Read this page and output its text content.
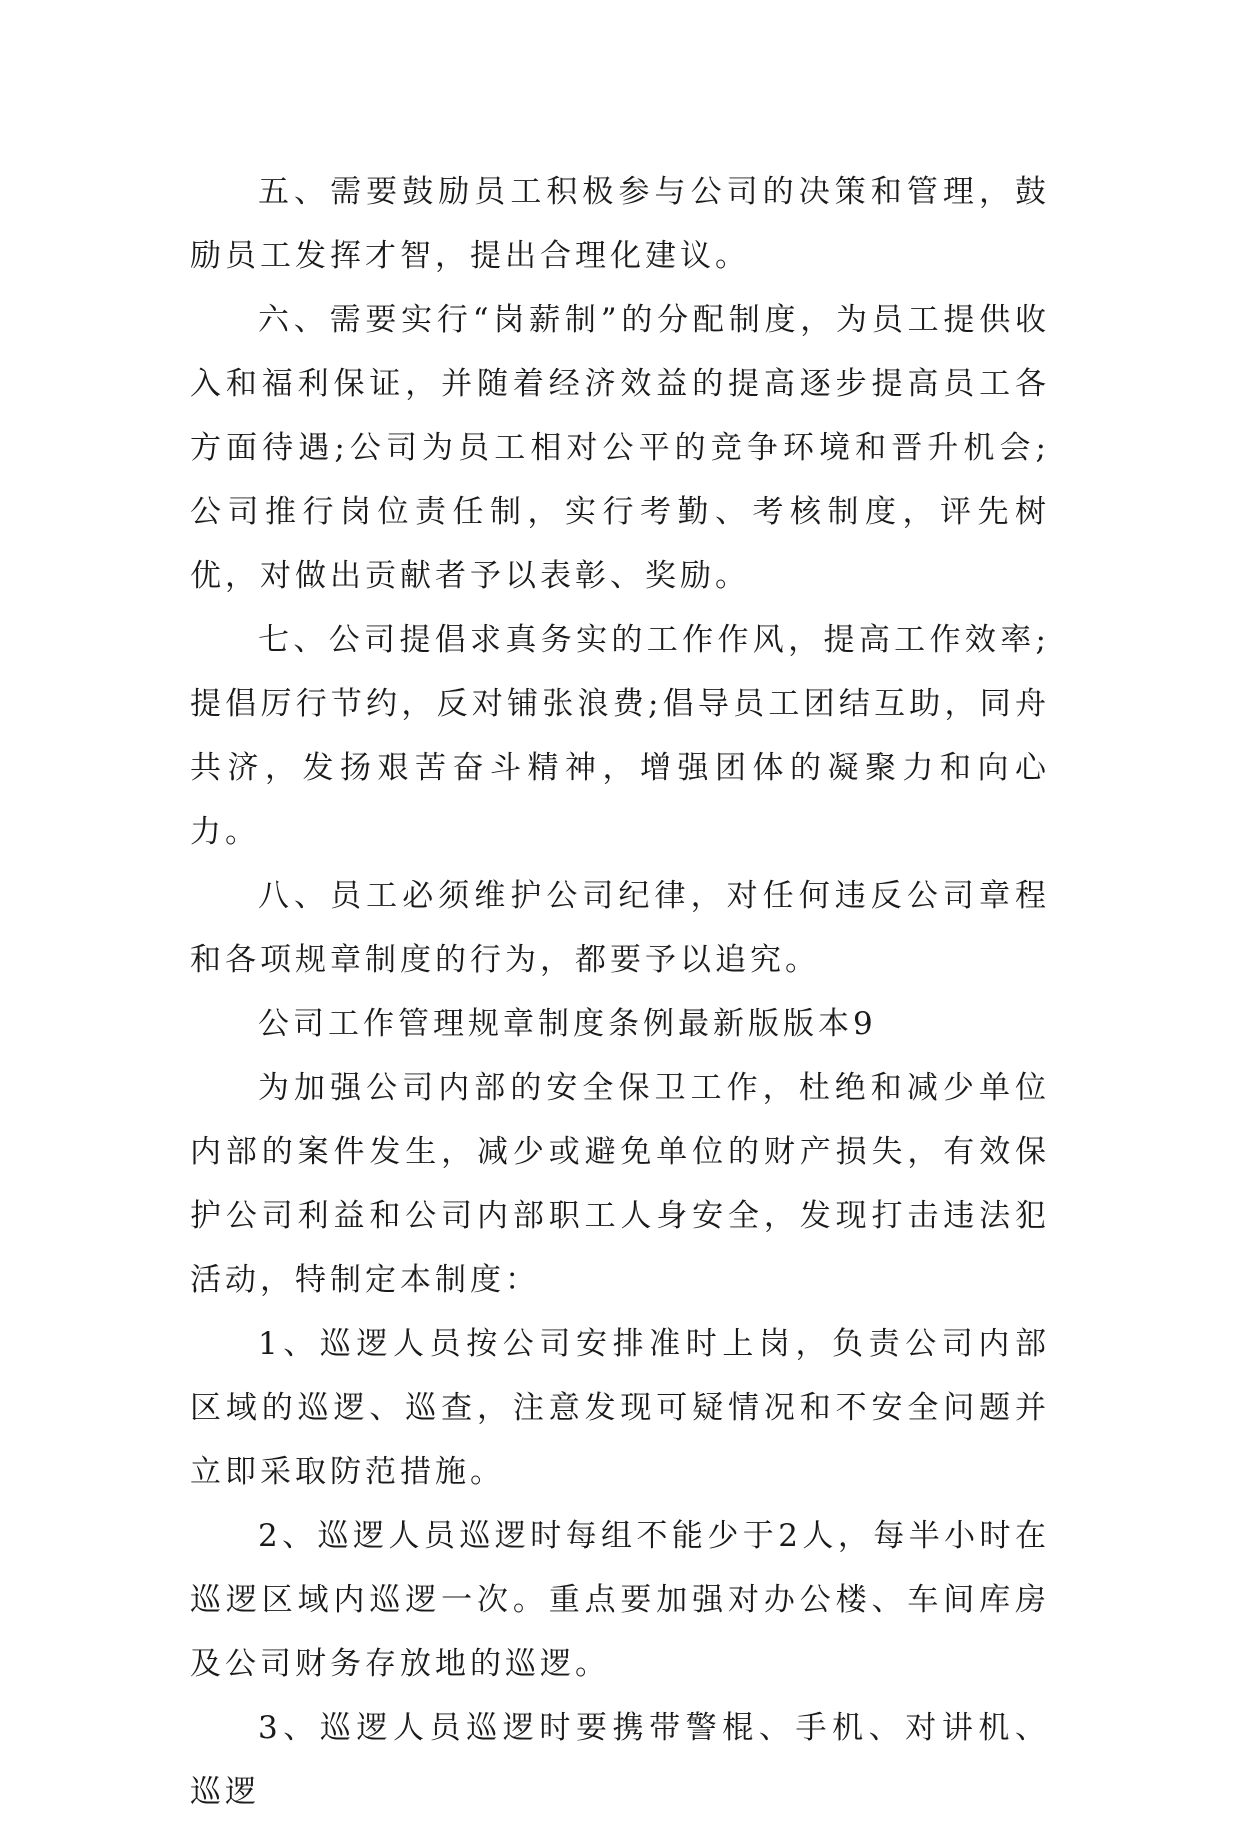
五、需要鼓励员工积极参与公司的决策和管理，鼓励员工发挥才智，提出合理化建议。

六、需要实行“岗薪制”的分配制度，为员工提供收入和福利保证，并随着经济效益的提高逐步提高员工各方面待遇;公司为员工相对公平的竞争环境和晋升机会;公司推行岗位责任制，实行考勤、考核制度，评先树优，对做出贡献者予以表彰、奖励。

七、公司提倡求真务实的工作作风，提高工作效率;提倡厉行节约，反对铺张浪费;倡导员工团结互助，同舟共济，发扬艰苦奋斗精神，增强团体的凝聚力和向心力。

八、员工必须维护公司纪律，对任何违反公司章程和各项规章制度的行为，都要予以追究。

公司工作管理规章制度条例最新版版本9

为加强公司内部的安全保卫工作，杜绝和减少单位内部的案件发生，减少或避免单位的财产损失，有效保护公司利益和公司内部职工人身安全，发现打击违法犯活动，特制定本制度：

1、巡逻人员按公司安排准时上岗，负责公司内部区域的巡逻、巡查，注意发现可疑情况和不安全问题并立即采取防范措施。

2、巡逻人员巡逻时每组不能少于2人，每半小时在巡逻区域内巡逻一次。重点要加强对办公楼、车间库房及公司财务存放地的巡逻。

3、巡逻人员巡逻时要携带警棍、手机、对讲机、巡逻
